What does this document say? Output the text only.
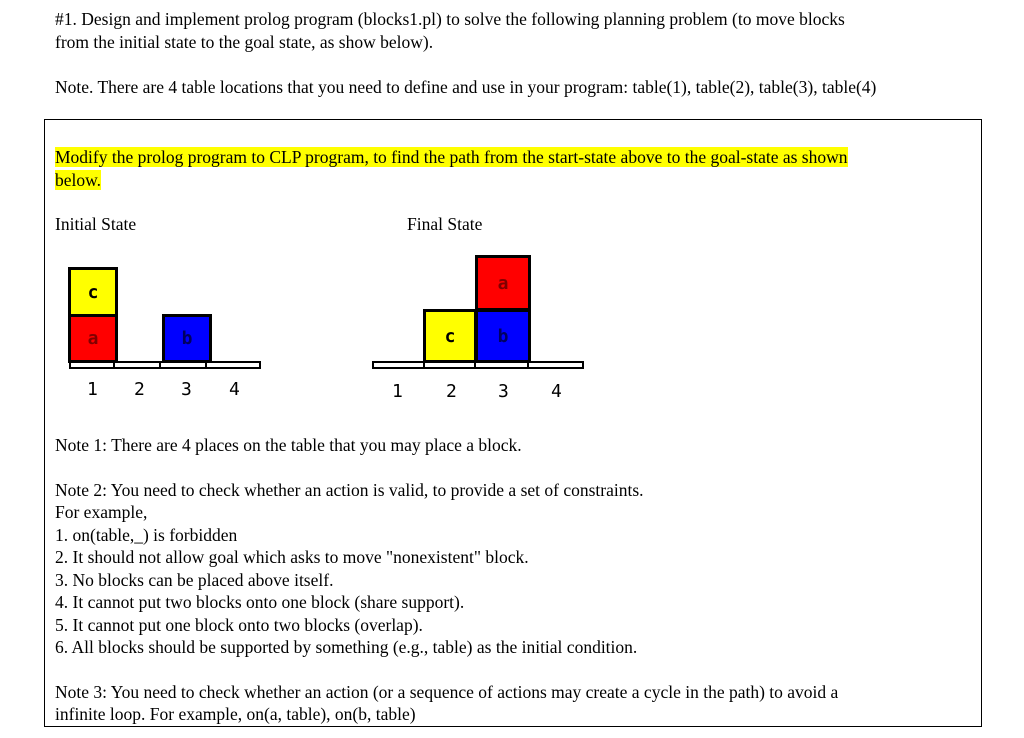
#1. Design and implement prolog program (blocks1.pl) to solve the following planning problem (to move blocks
from the initial state to the goal state, as show below).
Note. There are 4 table locations that you need to define and use in your program: table(1), table(2), table(3), table(4)
Modify the prolog program to CLP program, to find the path from the start-state above to the goal-state as shown
below.
Initial State	Final State
c
a	b
1 2 3 4
c	b
a
1 2 3 4
Note 1: There are 4 places on the table that you may place a block.
Note 2: You need to check whether an action is valid, to provide a set of constraints.
For example,
1. on(table,_) is forbidden
2. It should not allow goal which asks to move "nonexistent" block.
3. No blocks can be placed above itself.
4. It cannot put two blocks onto one block (share support).
5. It cannot put one block onto two blocks (overlap).
6. All blocks should be supported by something (e.g., table) as the initial condition.
Note 3: You need to check whether an action (or a sequence of actions may create a cycle in the path) to avoid a
infinite loop. For example, on(a, table), on(b, table)
